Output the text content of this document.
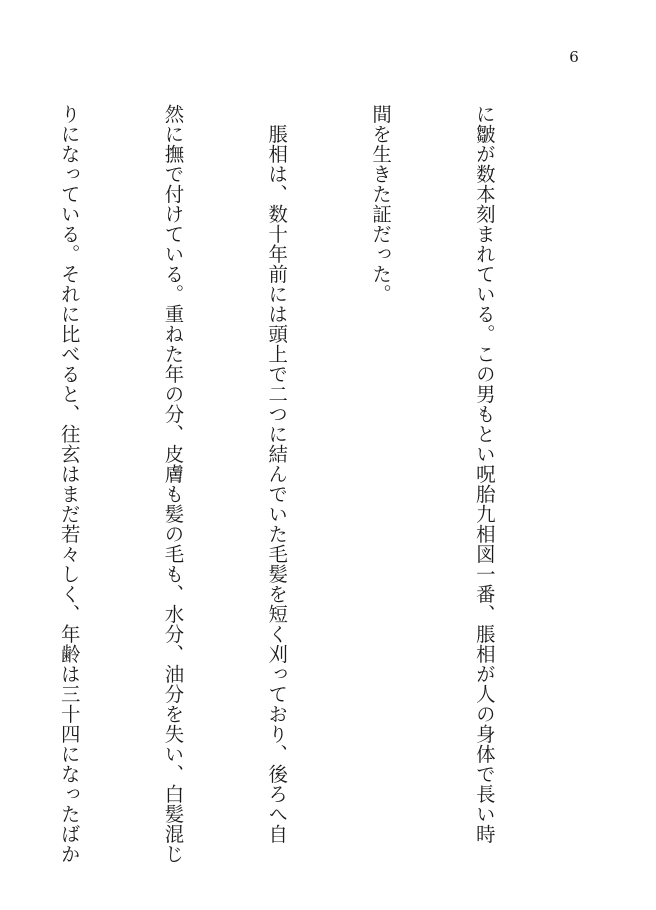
6

に皺が数本刻まれている。この男もとい呪胎九相図一番、脹相が人の身体で長い時

間を生きた証だった。

　脹相は、数十年前には頭上で二つに結んでいた毛髪を短く刈っており、後ろへ自

然に撫で付けている。重ねた年の分、皮膚も髪の毛も、水分、油分を失い、白髪混じ

りになっている。それに比べると、往玄はまだ若々しく、年齢は三十四になったばか
